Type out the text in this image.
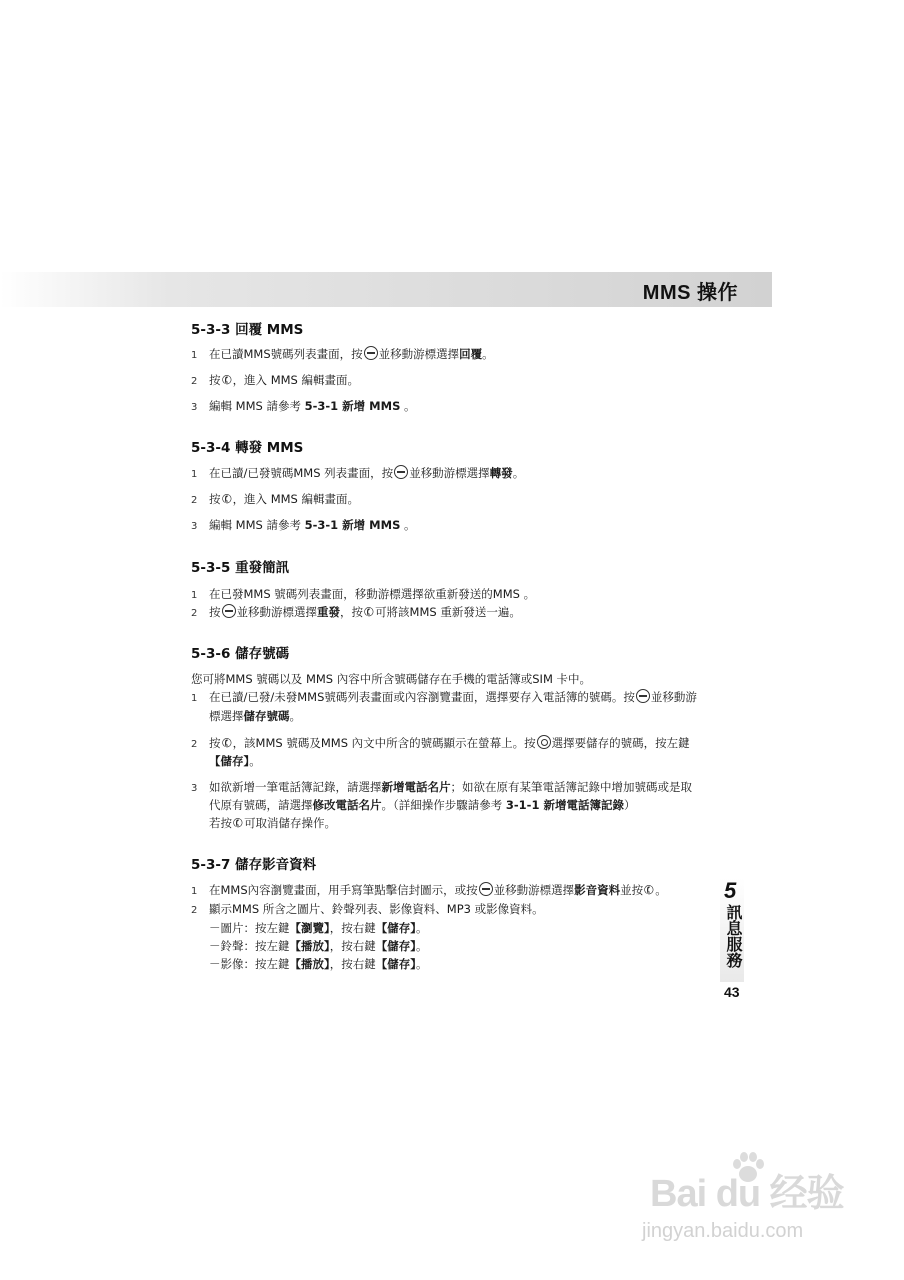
MMS 操作
5-3-3 回覆 MMS
1 在已讀MMS號碼列表畫面，按 並移動游標選擇回覆。
2 按✆，進入 MMS 編輯畫面。
3 編輯 MMS 請參考 5-3-1 新增 MMS 。
5-3-4 轉發 MMS
1 在已讀/已發號碼MMS 列表畫面，按 並移動游標選擇轉發。
2 按✆，進入 MMS 編輯畫面。
3 編輯 MMS 請參考 5-3-1 新增 MMS 。
5-3-5 重發簡訊
1 在已發MMS 號碼列表畫面，移動游標選擇欲重新發送的MMS 。
2 按 並移動游標選擇重發，按✆可將該MMS 重新發送一遍。
5-3-6 儲存號碼
您可將MMS 號碼以及 MMS 內容中所含號碼儲存在手機的電話簿或SIM 卡中。
1 在已讀/已發/未發MMS號碼列表畫面或內容瀏覽畫面，選擇要存入電話簿的號碼。按 並移動游
標選擇儲存號碼。
2 按✆，該MMS 號碼及MMS 內文中所含的號碼顯示在螢幕上。按 選擇要儲存的號碼，按左鍵
【儲存】。
3 如欲新增一筆電話簿記錄，請選擇新增電話名片；如欲在原有某筆電話簿記錄中增加號碼或是取
代原有號碼，請選擇修改電話名片。（詳細操作步驟請參考 3-1-1 新增電話簿記錄）
若按✆可取消儲存操作。
5-3-7 儲存影音資料
1 在MMS內容瀏覽畫面，用手寫筆點擊信封圖示，或按 並移動游標選擇影音資料並按✆。
2 顯示MMS 所含之圖片、鈴聲列表、影像資料、MP3 或影像資料。
－圖片：按左鍵【瀏覽】，按右鍵【儲存】。
－鈴聲：按左鍵【播放】，按右鍵【儲存】。
－影像：按左鍵【播放】，按右鍵【儲存】。
5
訊息服務
43
Bai du 经验
jingyan.baidu.com
